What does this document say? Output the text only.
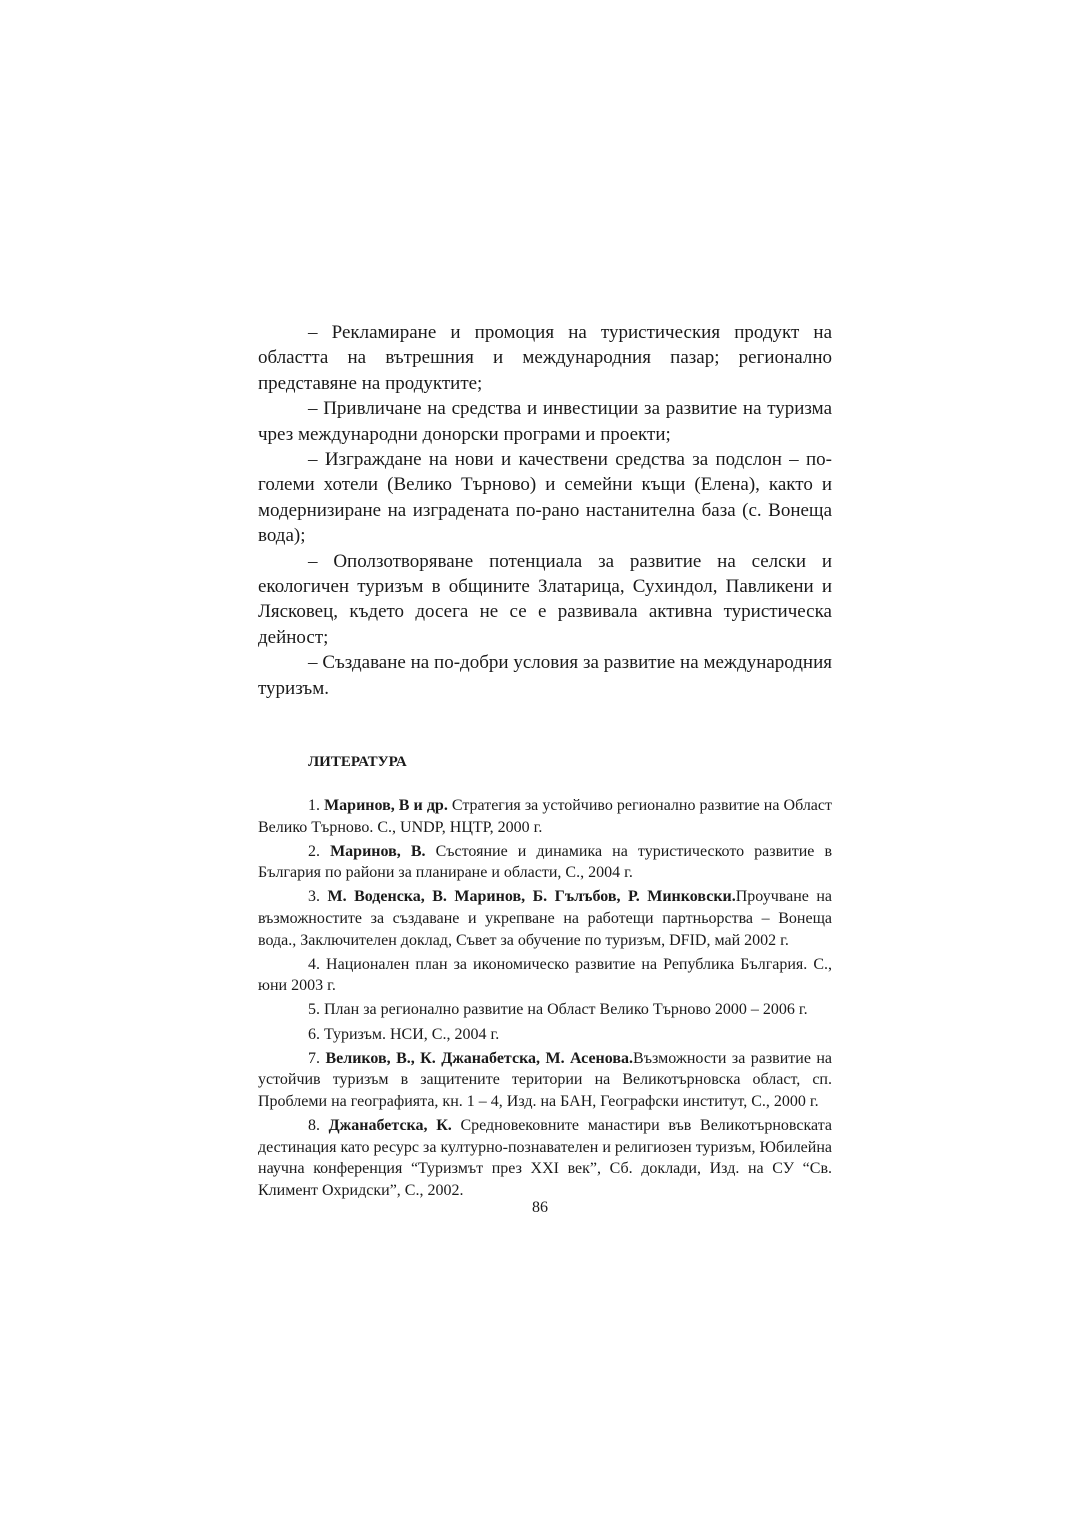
– Рекламиране и промоция на туристическия продукт на областта на вътрешния и международния пазар; регионално представяне на продуктите;

– Привличане на средства и инвестиции за развитие на туризма чрез международни донорски програми и проекти;

– Изграждане на нови и качествени средства за подслон – по-големи хотели (Велико Търново) и семейни къщи (Елена), както и модернизиране на изградената по-рано настанителна база (с. Вонеща вода);

– Оползотворяване потенциала за развитие на селски и екологичен туризъм в общините Златарица, Сухиндол, Павликени и Лясковец, където досега не се е развивала активна туристическа дейност;

– Създаване на по-добри условия за развитие на международния туризъм.

ЛИТЕРАТУРА

1. Маринов, В и др. Стратегия за устойчиво регионално развитие на Област Велико Търново. С., UNDP, НЦТР, 2000 г.

2. Маринов, В. Състояние и динамика на туристическото развитие в България по райони за планиране и области, С., 2004 г.

3. М. Воденска, В. Маринов, Б. Гълъбов, Р. Минковски.Проучване на възможностите за създаване и укрепване на работещи партньорства – Вонеща вода., Заключителен доклад, Съвет за обучение по туризъм, DFID, май 2002 г.

4. Национален план за икономическо развитие на Република България. С., юни 2003 г.

5. План за регионално развитие на Област Велико Търново 2000 – 2006 г.

6. Туризъм. НСИ, С., 2004 г.

7. Великов, В., К. Джанабетска, М. Асенова.Възможности за развитие на устойчив туризъм в защитените територии на Великотърновска област, сп. Проблеми на географията, кн. 1 – 4, Изд. на БАН, Географски институт, С., 2000 г.

8. Джанабетска, К. Средновековните манастири във Великотърновската дестинация като ресурс за културно-познавателен и религиозен туризъм, Юбилейна научна конференция “Туризмът през XXI век”, Сб. доклади, Изд. на СУ “Св. Климент Охридски”, С., 2002.

86
